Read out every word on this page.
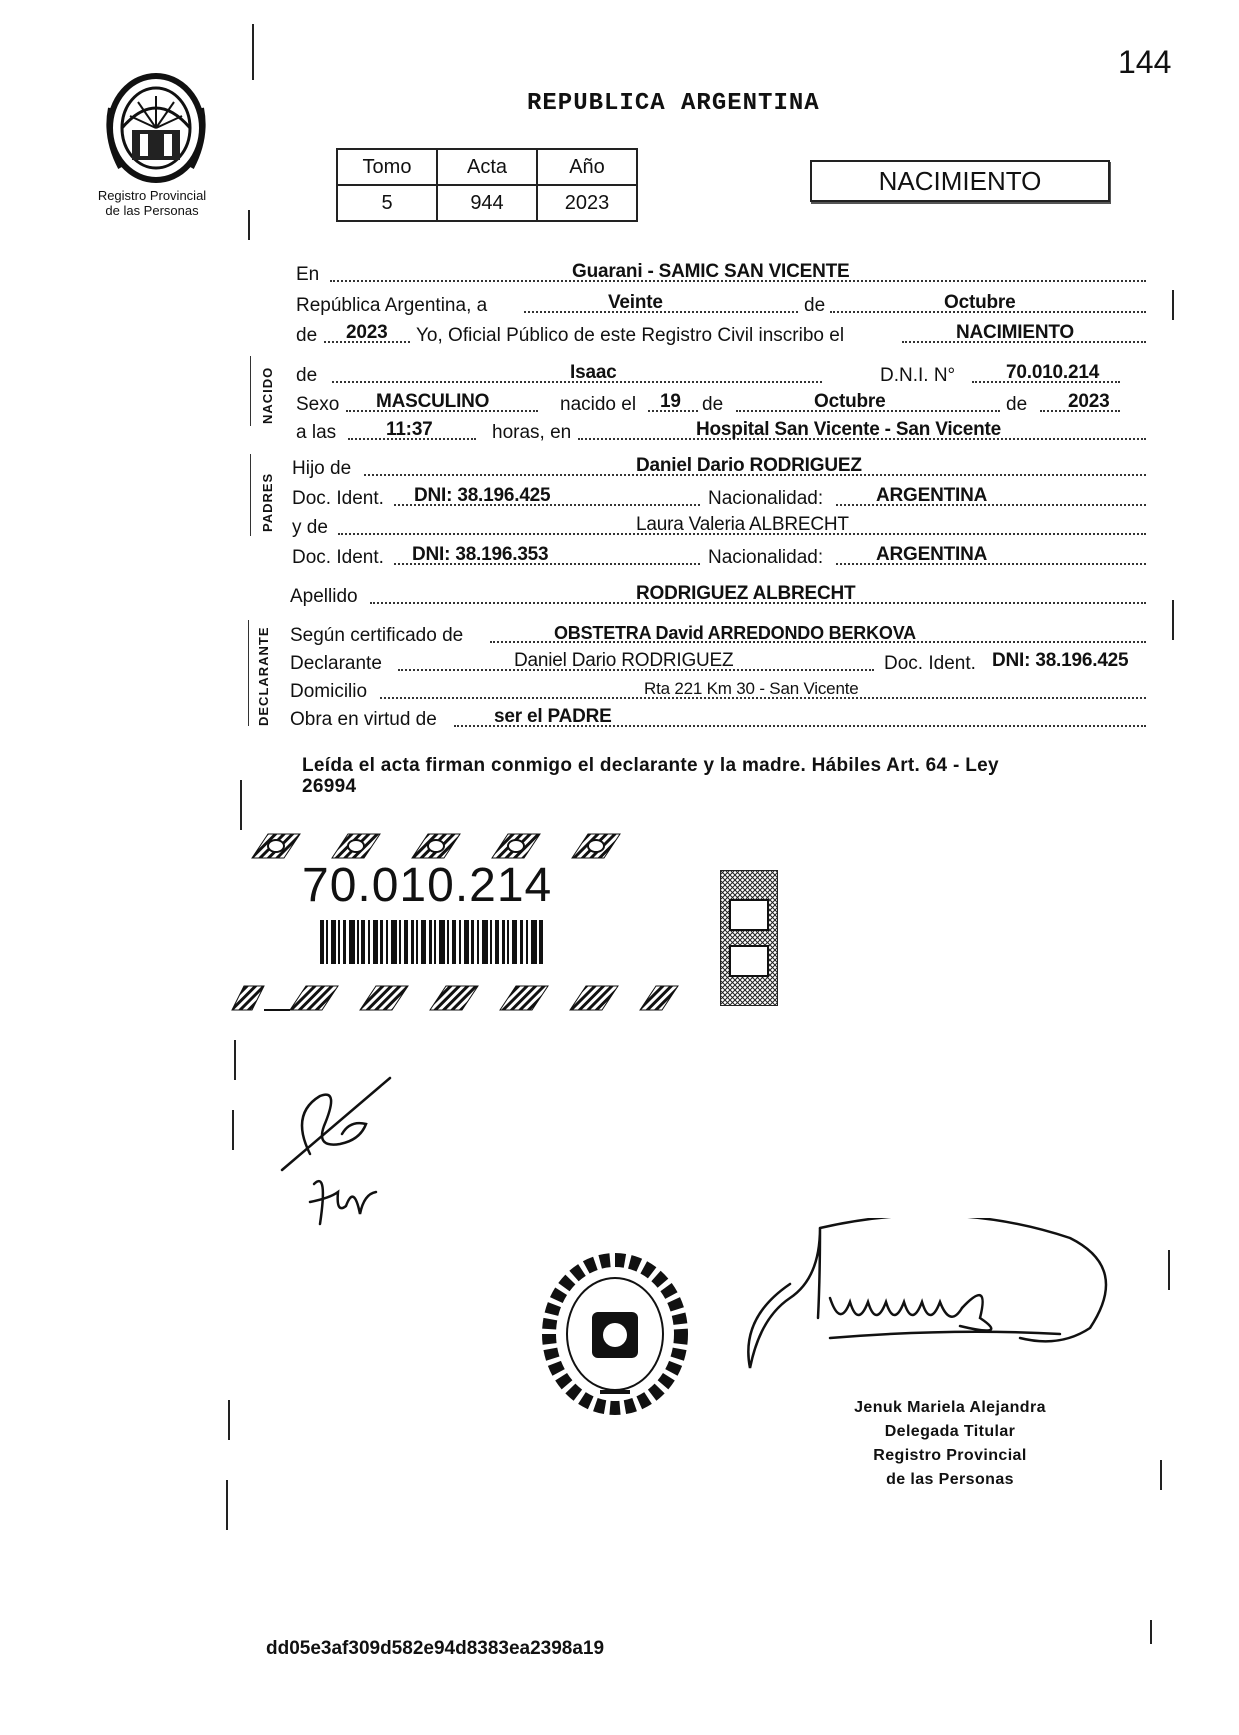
144
REPUBLICA ARGENTINA
Registro Provincial
de las Personas
Tomo	Acta	Año
5	944	2023
NACIMIENTO
NACIDO
PADRES
DECLARANTE
En	Guarani - SAMIC SAN VICENTE
República Argentina, a	Veinte	de	Octubre
de 2023 Yo, Oficial Público de este Registro Civil inscribo el	NACIMIENTO
de	Isaac	D.N.I. N°	70.010.214
Sexo MASCULINO	nacido el 19 de	Octubre	de 2023
a las	11:37	horas, en	Hospital San Vicente - San Vicente
Hijo de	Daniel Dario RODRIGUEZ
Doc. Ident. DNI: 38.196.425	Nacionalidad:	ARGENTINA
y de	Laura Valeria ALBRECHT
Doc. Ident. DNI: 38.196.353	Nacionalidad:	ARGENTINA
Apellido	RODRIGUEZ ALBRECHT
Según certificado de	OBSTETRA David ARREDONDO BERKOVA
Declarante	Daniel Dario RODRIGUEZ	Doc. Ident. DNI: 38.196.425
Domicilio	Rta 221 Km 30 - San Vicente
Obra en virtud de	ser el PADRE
Leída el acta firman conmigo el declarante y la madre. Hábiles Art. 64 - Ley
26994
70.010.214
Jenuk Mariela Alejandra
Delegada Titular
Registro Provincial
de las Personas
dd05e3af309d582e94d8383ea2398a19
